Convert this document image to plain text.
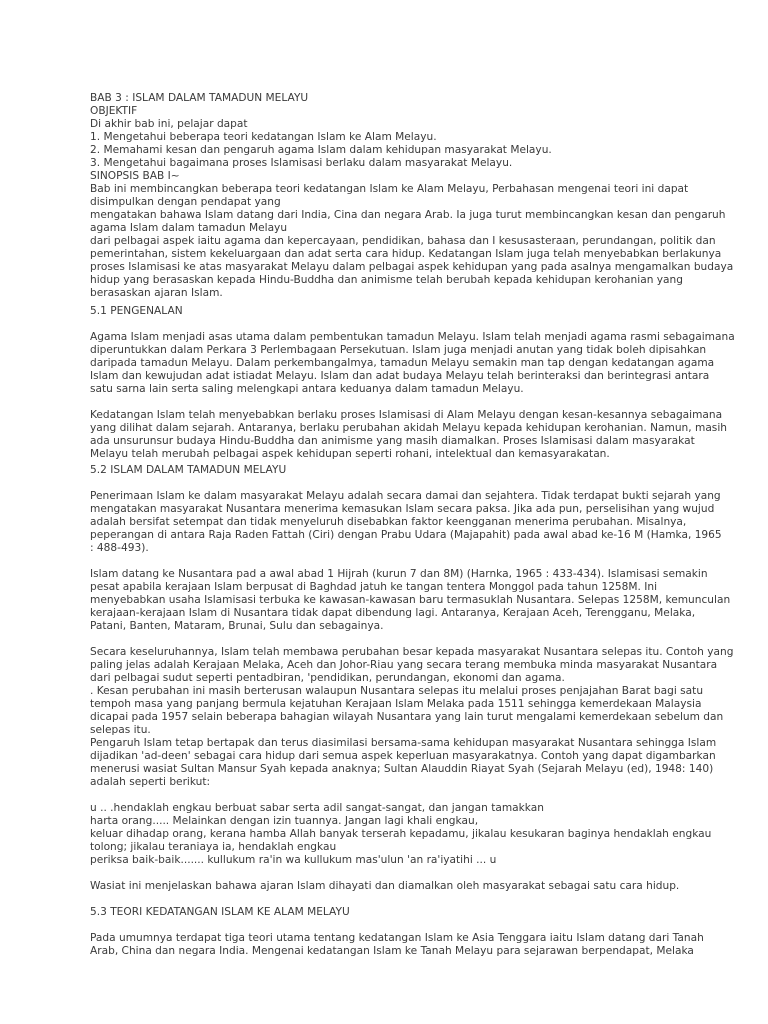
BAB 3 : ISLAM DALAM TAMADUN MELAYU
OBJEKTIF
Di akhir bab ini, pelajar dapat
1. Mengetahui beberapa teori kedatangan Islam ke Alam Melayu.
2. Memahami kesan dan pengaruh agama Islam dalam kehidupan masyarakat Melayu.
3. Mengetahui bagaimana proses Islamisasi berlaku dalam masyarakat Melayu.
SINOPSIS BAB I~
Bab ini membincangkan beberapa teori kedatangan Islam ke Alam Melayu, Perbahasan mengenai teori ini dapat
disimpulkan dengan pendapat yang
mengatakan bahawa Islam datang dari India, Cina dan negara Arab. Ia juga turut membincangkan kesan dan pengaruh
agama Islam dalam tamadun Melayu
dari pelbagai aspek iaitu agama dan kepercayaan, pendidikan, bahasa dan I kesusasteraan, perundangan, politik dan
pemerintahan, sistem kekeluargaan dan adat serta cara hidup. Kedatangan Islam juga telah menyebabkan berlakunya
proses Islamisasi ke atas masyarakat Melayu dalam pelbagai aspek kehidupan yang pada asalnya mengamalkan budaya
hidup yang berasaskan kepada Hindu-Buddha dan animisme telah berubah kepada kehidupan kerohanian yang
berasaskan ajaran Islam.
5.1 PENGENALAN
Agama Islam menjadi asas utama dalam pembentukan tamadun Melayu. Islam telah menjadi agama rasmi sebagaimana
diperuntukkan dalam Perkara 3 Perlembagaan Persekutuan. Islam juga menjadi anutan yang tidak boleh dipisahkan
daripada tamadun Melayu. Dalam perkembangaImya, tamadun Melayu semakin man tap dengan kedatangan agama
Islam dan kewujudan adat istiadat Melayu. Islam dan adat budaya Melayu telah berinteraksi dan berintegrasi antara
satu sarna lain serta saling melengkapi antara keduanya dalam tamadun Melayu.
Kedatangan Islam telah menyebabkan berlaku proses Islamisasi di Alam Melayu dengan kesan-kesannya sebagaimana
yang dilihat dalam sejarah. Antaranya, berlaku perubahan akidah Melayu kepada kehidupan kerohanian. Namun, masih
ada unsurunsur budaya Hindu-Buddha dan animisme yang masih diamalkan. Proses Islamisasi dalam masyarakat
Melayu telah merubah pelbagai aspek kehidupan seperti rohani, intelektual dan kemasyarakatan.
5.2 ISLAM DALAM TAMADUN MELAYU
Penerimaan Islam ke dalam masyarakat Melayu adalah secara damai dan sejahtera. Tidak terdapat bukti sejarah yang
mengatakan masyarakat Nusantara menerima kemasukan Islam secara paksa. Jika ada pun, perselisihan yang wujud
adalah bersifat setempat dan tidak menyeluruh disebabkan faktor keengganan menerima perubahan. Misalnya,
peperangan di antara Raja Raden Fattah (Ciri) dengan Prabu Udara (Majapahit) pada awal abad ke-16 M (Hamka, 1965
: 488-493).
Islam datang ke Nusantara pad a awal abad 1 Hijrah (kurun 7 dan 8M) (Harnka, 1965 : 433-434). Islamisasi semakin
pesat apabila kerajaan Islam berpusat di Baghdad jatuh ke tangan tentera Monggol pada tahun 1258M. Ini
menyebabkan usaha Islamisasi terbuka ke kawasan-kawasan baru termasuklah Nusantara. Selepas 1258M, kemunculan
kerajaan-kerajaan Islam di Nusantara tidak dapat dibendung lagi. Antaranya, Kerajaan Aceh, Terengganu, Melaka,
Patani, Banten, Mataram, Brunai, Sulu dan sebagainya.
Secara keseluruhannya, Islam telah membawa perubahan besar kepada masyarakat Nusantara selepas itu. Contoh yang
paling jelas adalah Kerajaan Melaka, Aceh dan Johor-Riau yang secara terang membuka minda masyarakat Nusantara
dari pelbagai sudut seperti pentadbiran, 'pendidikan, perundangan, ekonomi dan agama.
. Kesan perubahan ini masih berterusan walaupun Nusantara selepas itu melalui proses penjajahan Barat bagi satu
tempoh masa yang panjang bermula kejatuhan Kerajaan Islam Melaka pada 1511 sehingga kemerdekaan Malaysia
dicapai pada 1957 selain beberapa bahagian wilayah Nusantara yang lain turut mengalami kemerdekaan sebelum dan
selepas itu.
Pengaruh Islam tetap bertapak dan terus diasimilasi bersama-sama kehidupan masyarakat Nusantara sehingga Islam
dijadikan 'ad-deen' sebagai cara hidup dari semua aspek keperluan masyarakatnya. Contoh yang dapat digambarkan
menerusi wasiat Sultan Mansur Syah kepada anaknya; Sultan Alauddin Riayat Syah (Sejarah Melayu (ed), 1948: 140)
adalah seperti berikut:
u .. .hendaklah engkau berbuat sabar serta adil sangat-sangat, dan jangan tamakkan
harta orang..... Melainkan dengan izin tuannya. Jangan lagi khali engkau,
keluar dihadap orang, kerana hamba Allah banyak terserah kepadamu, jikalau kesukaran baginya hendaklah engkau
tolong; jikalau teraniaya ia, hendaklah engkau
periksa baik-baik....... kullukum ra'in wa kullukum mas'ulun 'an ra'iyatihi ... u
Wasiat ini menjelaskan bahawa ajaran Islam dihayati dan diamalkan oleh masyarakat sebagai satu cara hidup.
5.3 TEORI KEDATANGAN ISLAM KE ALAM MELAYU
Pada umumnya terdapat tiga teori utama tentang kedatangan Islam ke Asia Tenggara iaitu Islam datang dari Tanah
Arab, China dan negara India. Mengenai kedatangan Islam ke Tanah Melayu para sejarawan berpendapat, Melaka
